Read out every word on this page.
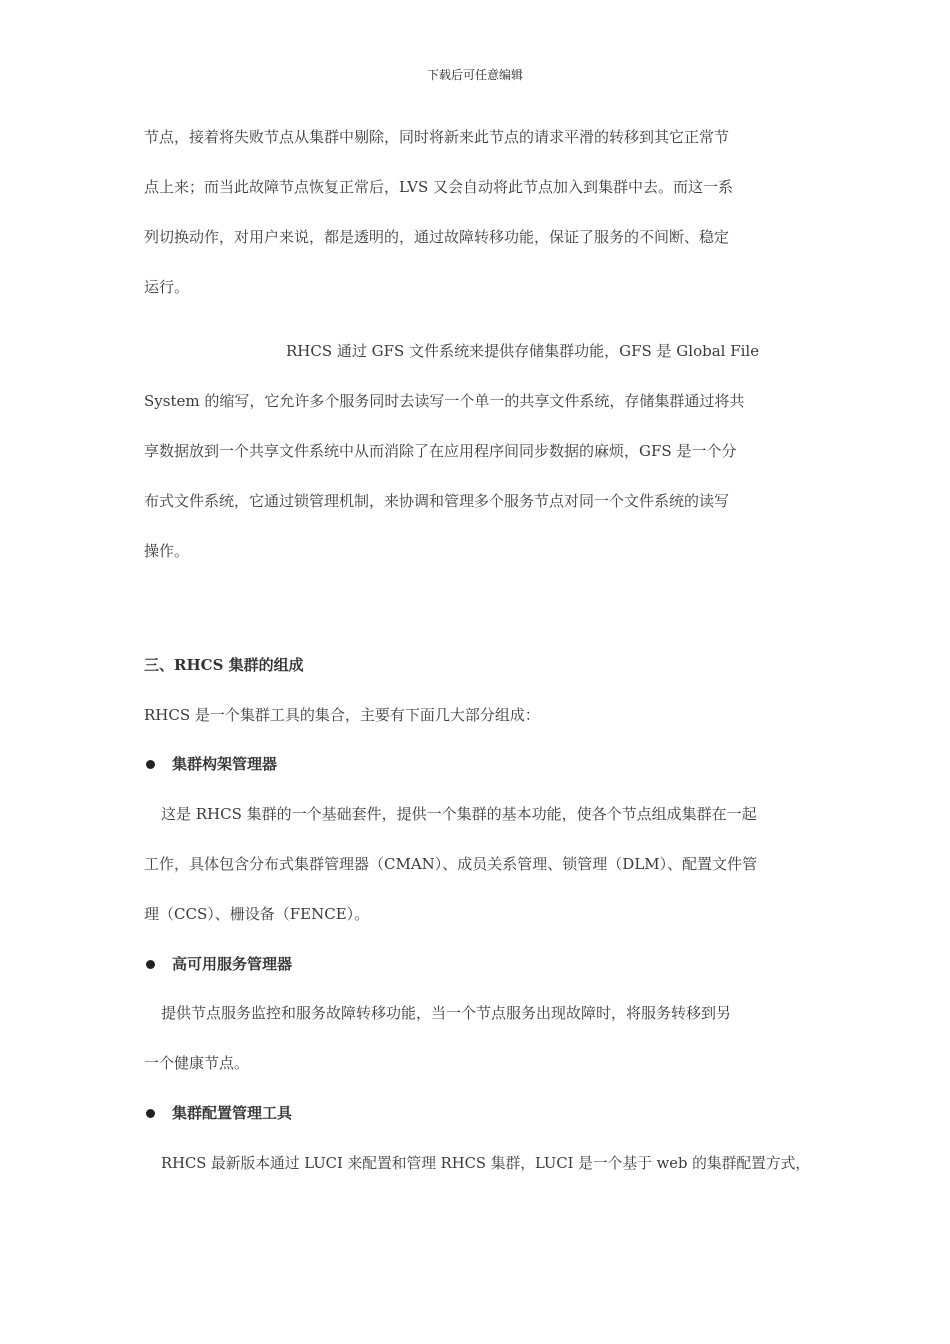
下载后可任意编辑
节点，接着将失败节点从集群中剔除，同时将新来此节点的请求平滑的转移到其它正常节
点上来；而当此故障节点恢复正常后，LVS 又会自动将此节点加入到集群中去。而这一系
列切换动作，对用户来说，都是透明的，通过故障转移功能，保证了服务的不间断、稳定
运行。
RHCS 通过 GFS 文件系统来提供存储集群功能，GFS 是 Global File
System 的缩写，它允许多个服务同时去读写一个单一的共享文件系统，存储集群通过将共
享数据放到一个共享文件系统中从而消除了在应用程序间同步数据的麻烦，GFS 是一个分
布式文件系统，它通过锁管理机制，来协调和管理多个服务节点对同一个文件系统的读写
操作。
三、RHCS 集群的组成
RHCS 是一个集群工具的集合，主要有下面几大部分组成：
集群构架管理器
这是 RHCS 集群的一个基础套件，提供一个集群的基本功能，使各个节点组成集群在一起
工作，具体包含分布式集群管理器（CMAN）、成员关系管理、锁管理（DLM）、配置文件管
理（CCS）、栅设备（FENCE）。
高可用服务管理器
提供节点服务监控和服务故障转移功能，当一个节点服务出现故障时，将服务转移到另
一个健康节点。
集群配置管理工具
RHCS 最新版本通过 LUCI 来配置和管理 RHCS 集群，LUCI 是一个基于 web 的集群配置方式，
